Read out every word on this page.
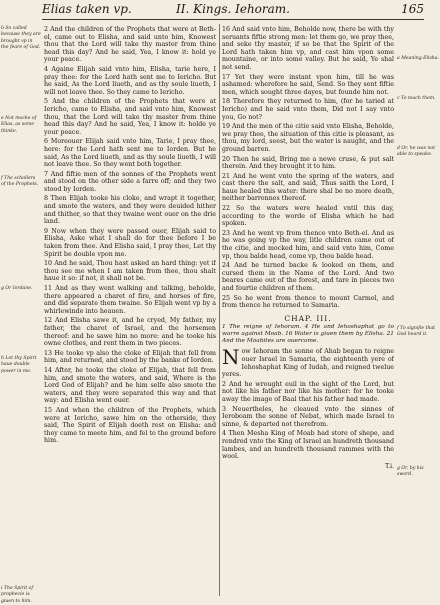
Elias taken vp.	II. Kings. Iehoram.	165
b So called because they are brought vp in the feare of God.
e Not mocke of Elias, as some thinke.
f The schollers of the Prophets.
g Or Iordane.
h Let thy Spirit haue double power in me.
i The Spirit of prophecie is giuen to him.

2 And the children of the Prophets that were at Beth-el, came out to Elisha, and said unto him, Knowest thou that the Lord will take thy master from thine head this day? And he said, Yea, I know it: hold ye your peace.

4 Againe Elijah said vnto him, Elisha, tarie here, I pray thee: for the Lord hath sent me to Iericho. But he said, As the Lord liueth, and as thy soule liueth, I will not leave thee. So they came to Iericho.

5 And the children of the Prophets that were at Iericho, came to Elisha, and said vnto him, Knowest thou, that the Lord will take thy master from thine head this day? And he said, Yea, I know it: holde ye your peace.

6 Moreouer Elijah said vnto him, Tarie, I pray thee, here: for the Lord hath sent me to Iorden. But he said, As the Lord liueth, and as thy soule liueth, I will not leave thee. So they went both together.

7 And fiftie men of the sonnes of the Prophets went and stood on the other side a farre off; and they two stood by Iorden.

8 Then Elijah tooke his cloke, and wrapt it together, and smote the waters, and they were deuided hither and thither, so that they twaine went ouer on the drie land.

9 Now when they were passed ouer, Elijah said to Elisha, Aske what I shall do for thee before I be taken from thee. And Elisha said, I pray thee, Let thy Spirit be double vpon me.

10 And he said, Thou hast asked an hard thing: yet if thou see me when I am taken from thee, thou shalt haue it so: if not, it shall not be.

11 And as they went walking and talking, beholde, there appeared a charet of fire, and horses of fire, and did separate them twaine. So Elijah went vp by a whirlewinde into heauen.

12 And Elisha sawe it, and he cryed, My father, my father, the charet of Israel, and the horsemen thereof: and he sawe him no more: and he tooke his owne clothes, and rent them in two pieces.

13 He tooke vp also the cloke of Elijah that fell from him, and returned, and stood by the banke of Iorden.

14 After, he tooke the cloke of Elijah, that fell from him, and smote the waters, and said, Where is the Lord God of Elijah? and he him selfe also smote the waters, and they were separated this way and that way: and Elisha went ouer.

15 And when the children of the Prophets, which were at Iericho, sawe him on the otherside, they said, The Spirit of Elijah doeth rest on Elisha: and they came to meete him, and fel to the ground before him.

16 And said vnto him, Beholde now, there be with thy seruants fiftie strong men: let them go, we pray thee, and seke thy master, if so be that the Spirit of the Lord hath taken him vp, and cast him vpon some mountaine, or into some valley. But he said, Ye shal not send.

17 Yet they were instant vpon him, till he was ashamed: wherefore he said, Send. So they sent fiftie men, which sought three dayes, but founde him not.

18 Therefore they returned to him, (for he taried at Iericho) and he said vnto them, Did not I say vnto you, Go not?

19 And the men of the citie said vnto Elisha, Beholde, we pray thee, the situation of this citie is pleasant, as thou, my lord, seest, but the water is naught, and the ground barren.

20 Then he said, Bring me a newe cruse, & put salt therein. And they brought it to him.

21 And he went vnto the spring of the waters, and cast there the salt, and said, Thus saith the Lord, I haue healed this water: there shal be no more death, neither barrennes thereof.

22 So the waters were healed vntil this day, according to the worde of Elisha which he had spoken.

23 And he went vp from thence vnto Beth-el. And as he was going vp the way, litle children came out of the citie, and mocked him, and said vnto him, Come vp, thou balde head, come vp, thou balde head.

24 And he turned backe & looked on them, and cursed them in the Name of the Lord. And two beares came out of the forest, and tare in pieces two and fourtie children of them.

25 So he went from thence to mount Carmel, and from thence he returned to Samaria.

CHAP. III.
1 The reigne of Iehoram. 4 He and Iehoshaphat go to warre against Moab. 16 Water is giuen them by Elisha. 21 And the Moabites are ouercome.

Now Iehoram the sonne of Ahab began to reigne ouer Israel in Samaria, the eighteenth yere of Iehoshaphat King of Iudah, and reigned twelue yeres.

2 And he wrought euil in the sight of the Lord, but not like his father nor like his mother: for he tooke away the image of Baal that his father had made.

3 Neuertheles, he cleaued vnto the sinnes of Ieroboam the sonne of Nebat, which made Israel to sinne, & departed not therefrom.

4 Then Mesha King of Moab had store of shepe, and rendred vnto the King of Israel an hundreth thousand lambes, and an hundreth thousand rammes with the wool.

T.i.
a Meaning Elisha.
c To teach them.
d Or, he was not able to speake.
f To signifie that God heard it.
g Or, by his sword.
